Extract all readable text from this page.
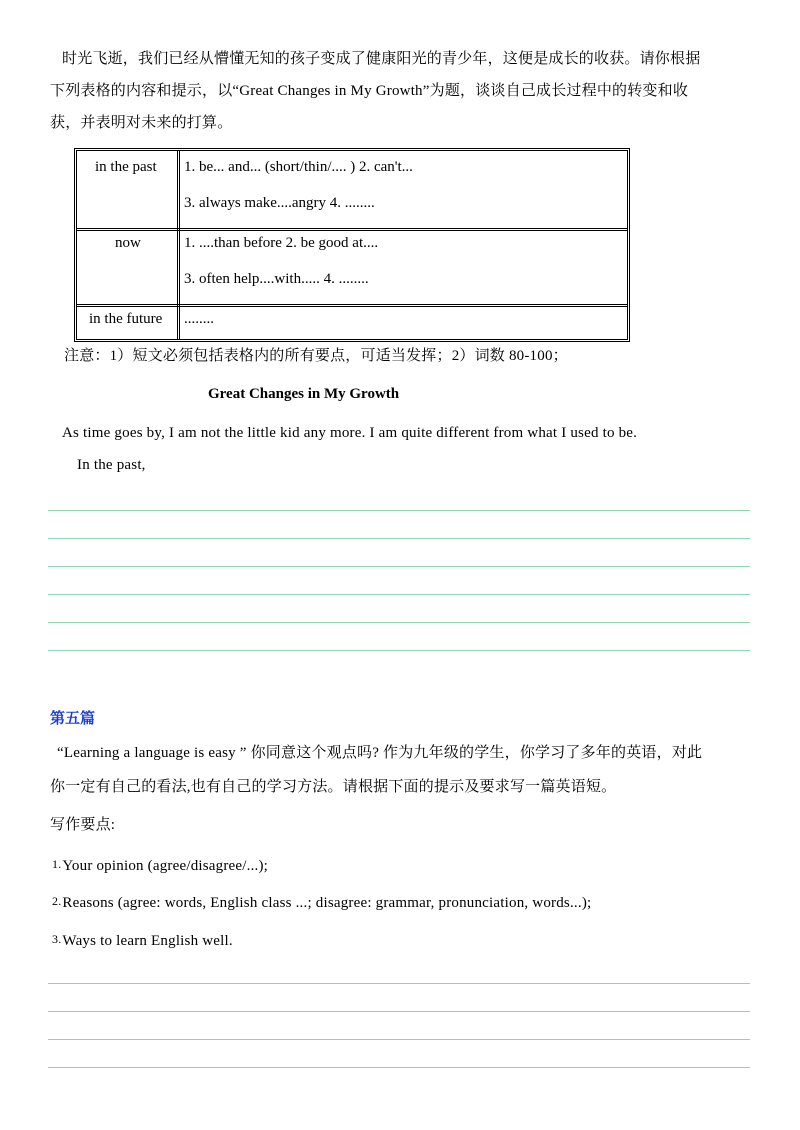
时光飞逝，我们已经从懵懂无知的孩子变成了健康阳光的青少年，这便是成长的收获。请你根据
下列表格的内容和提示，以“Great Changes in My Growth”为题，谈谈自己成长过程中的转变和收
获，并表明对未来的打算。
in the past 1. be... and... (short/thin/.... ) 2. can't...
3. always make....angry 4. ........
now	1. ....than before 2. be good at....
3. often help....with..... 4. ........
in the future ........
注意：1）短文必须包括表格内的所有要点，可适当发挥；2）词数 80-100；
Great Changes in My Growth
As time goes by, I am not the little kid any more. I am quite different from what I used to be.
In the past,
第五篇
“Learning a language is easy ” 你同意这个观点吗? 作为九年级的学生，你学习了多年的英语，对此
你一定有自己的看法,也有自己的学习方法。请根据下面的提示及要求写一篇英语短。
写作要点:
1.Your opinion (agree/disagree/...);
2.Reasons (agree: words, English class ...; disagree: grammar, pronunciation, words...);
3.Ways to learn English well.
